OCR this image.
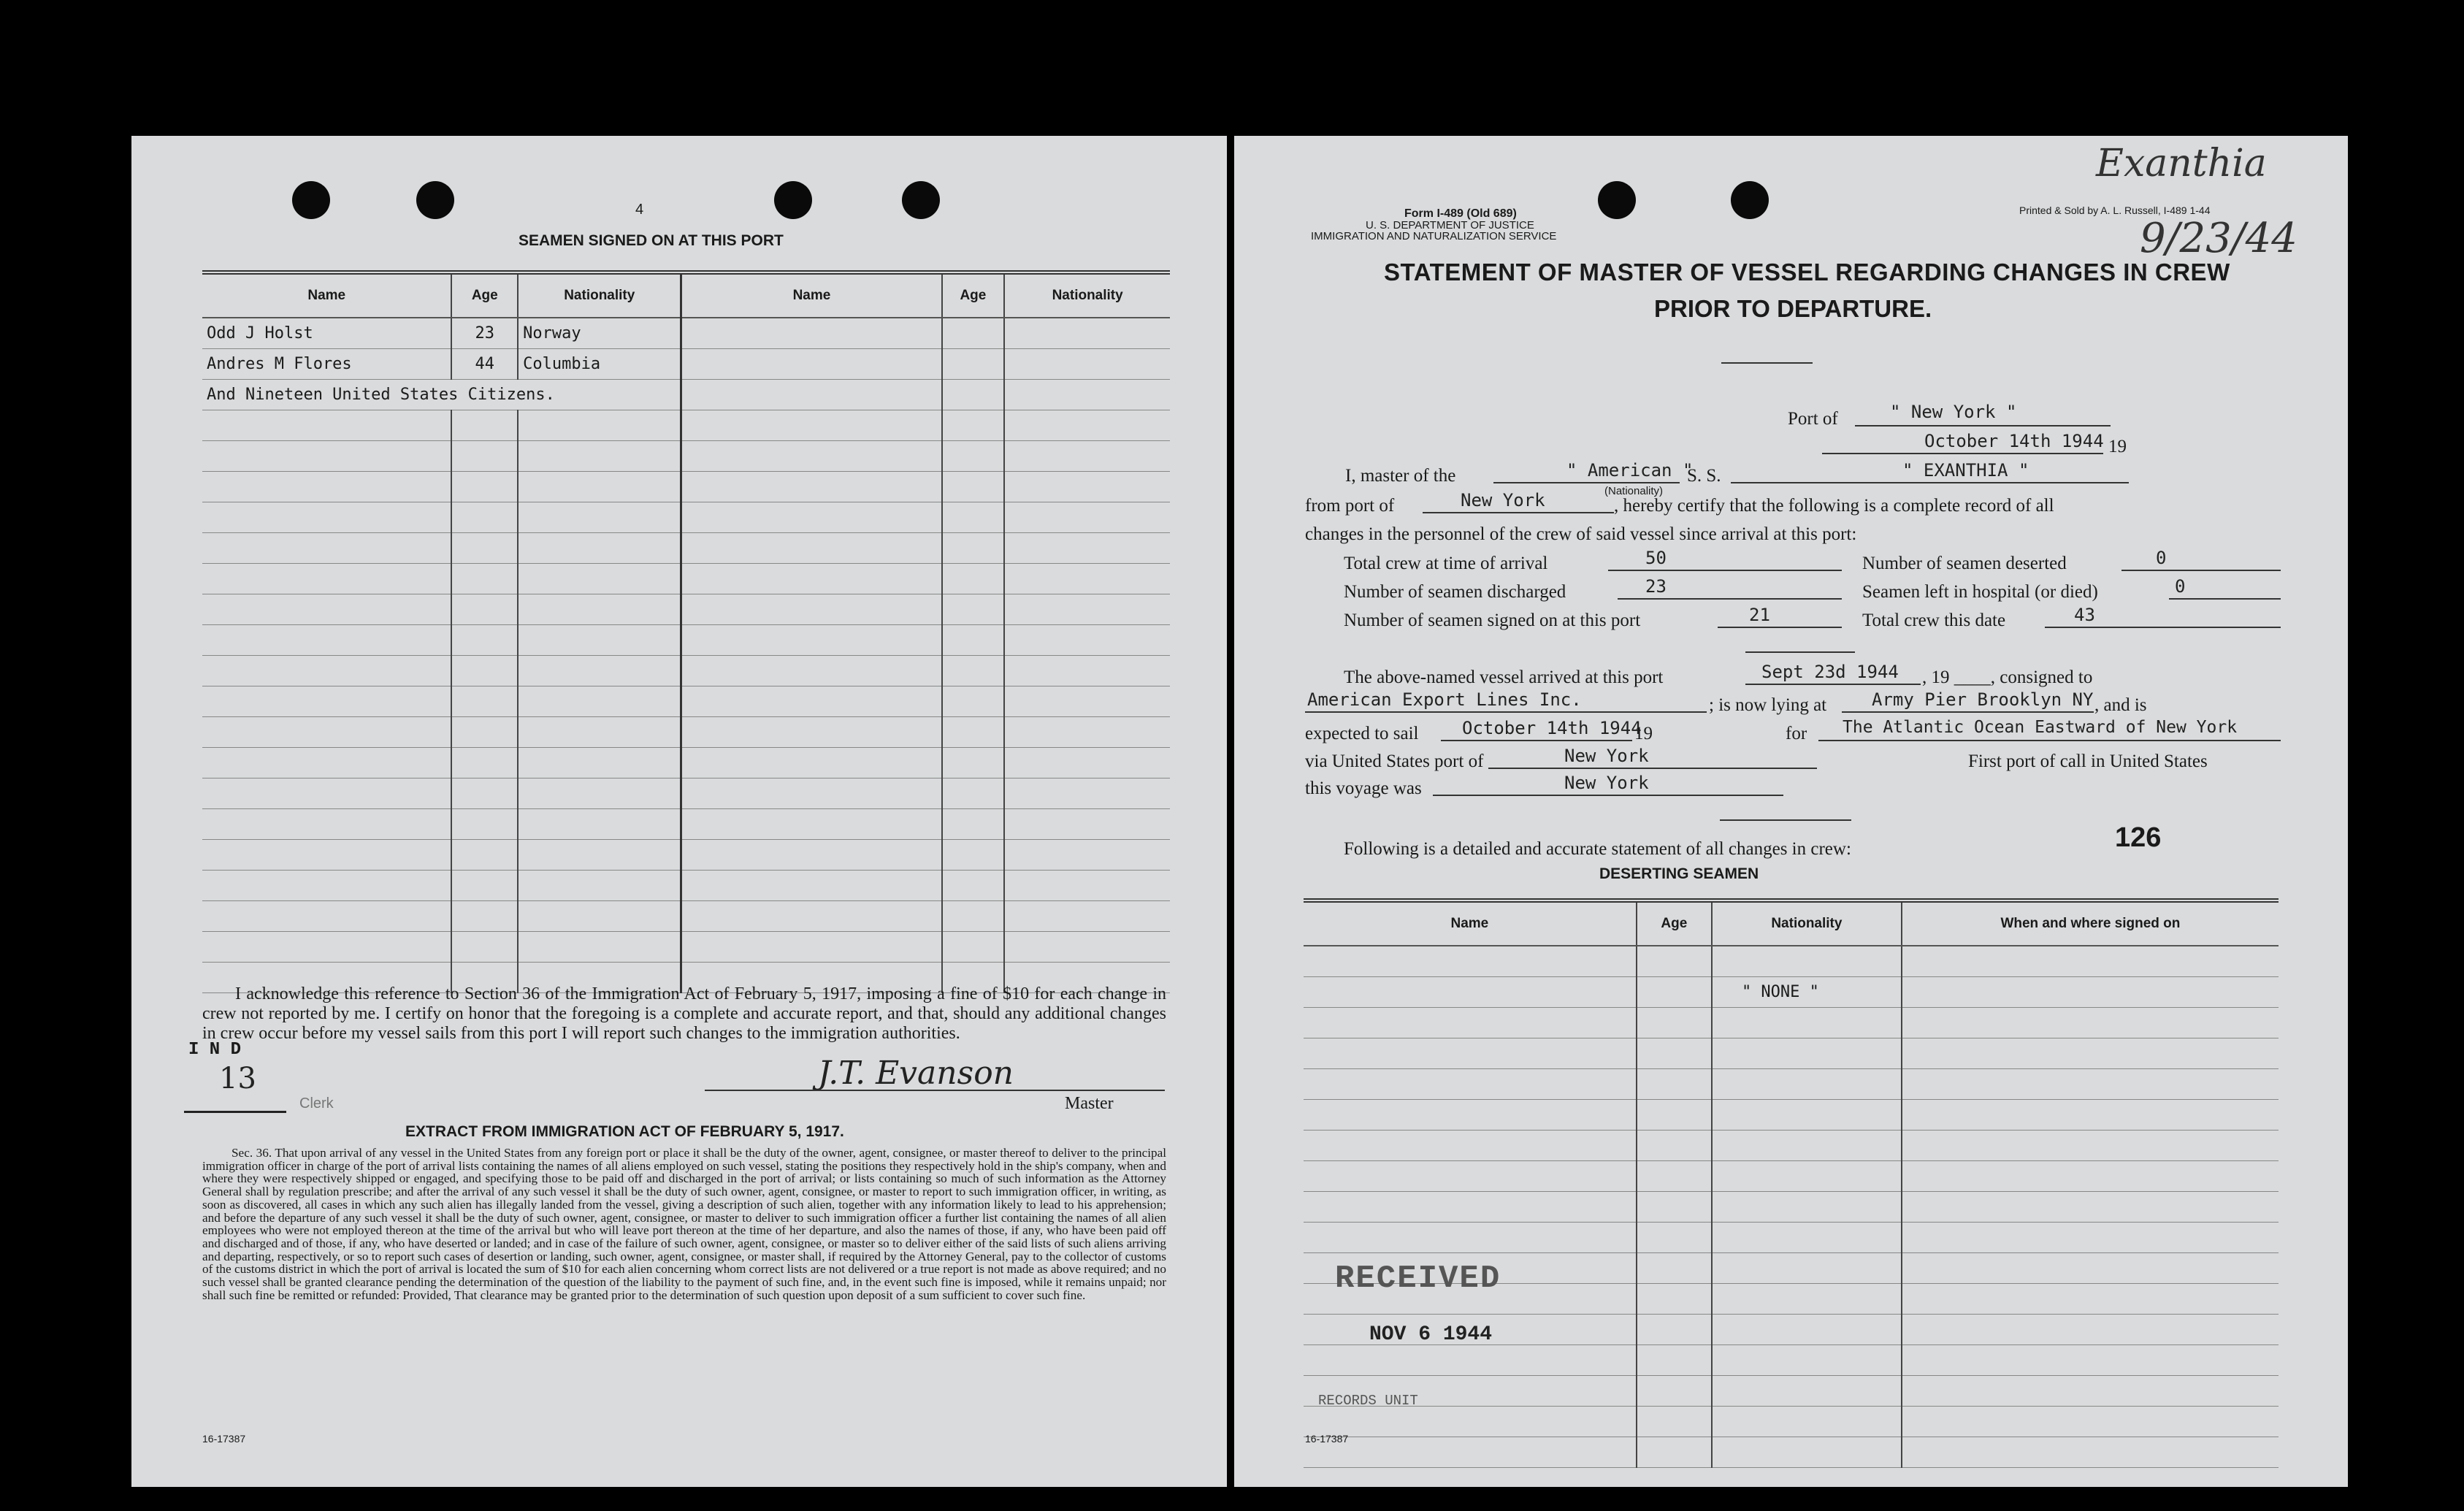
4
SEAMEN SIGNED ON AT THIS PORT
Name	Age	Nationality	Name	Age	Nationality
Odd J Holst	23	Norway			
Andres M Flores	44	Columbia			
And Nineteen United States Citizens.					

I acknowledge this reference to Section 36 of the Immigration Act of February 5, 1917, imposing a fine of $10 for each change in crew not reported by me. I certify on honor that the foregoing is a complete and accurate report, and that, should any additional changes in crew occur before my vessel sails from this port I will report such changes to the immigration authorities.
I N D
13
Clerk
J.T. Evanson
Master
EXTRACT FROM IMMIGRATION ACT OF FEBRUARY 5, 1917.
Sec. 36. That upon arrival of any vessel in the United States from any foreign port or place it shall be the duty of the owner, agent, consignee, or master thereof to deliver to the principal immigration officer in charge of the port of arrival lists containing the names of all aliens employed on such vessel, stating the positions they respectively hold in the ship's company, when and where they were respectively shipped or engaged, and specifying those to be paid off and discharged in the port of arrival; or lists containing so much of such information as the Attorney General shall by regulation prescribe; and after the arrival of any such vessel it shall be the duty of such owner, agent, consignee, or master to report to such immigration officer, in writing, as soon as discovered, all cases in which any such alien has illegally landed from the vessel, giving a description of such alien, together with any information likely to lead to his apprehension; and before the departure of any such vessel it shall be the duty of such owner, agent, consignee, or master to deliver to such immigration officer a further list containing the names of all alien employees who were not employed thereon at the time of the arrival but who will leave port thereon at the time of her departure, and also the names of those, if any, who have been paid off and discharged and of those, if any, who have deserted or landed; and in case of the failure of such owner, agent, consignee, or master so to deliver either of the said lists of such aliens arriving and departing, respectively, or so to report such cases of desertion or landing, such owner, agent, consignee, or master shall, if required by the Attorney General, pay to the collector of customs of the customs district in which the port of arrival is located the sum of $10 for each alien concerning whom correct lists are not delivered or a true report is not made as above required; and no such vessel shall be granted clearance pending the determination of the question of the liability to the payment of such fine, and, in the event such fine is imposed, while it remains unpaid; nor shall such fine be remitted or refunded: Provided, That clearance may be granted prior to the determination of such question upon deposit of a sum sufficient to cover such fine.
16-17387
Form I-489 (Old 689)
U. S. DEPARTMENT OF JUSTICE
IMMIGRATION AND NATURALIZATION SERVICE
Printed & Sold by A. L. Russell, I-489 1-44
Exanthia
9/23/44
STATEMENT OF MASTER OF VESSEL REGARDING CHANGES IN CREW
PRIOR TO DEPARTURE.
Port of	" New York "
October 14th 1944 19
I, master of the	" American "
(Nationality)
S. S.	" EXANTHIA "
from port of	New York	, hereby certify that the following is a complete record of all
changes in the personnel of the crew of said vessel since arrival at this port:
Total crew at time of arrival	50	Number of seamen deserted	0
Number of seamen discharged	23	Seamen left in hospital (or died)	0
Number of seamen signed on at this port	21	Total crew this date	43
The above-named vessel arrived at this port	Sept 23d 1944 , 19 ____, consigned to
American Export Lines Inc.	; is now lying at	Army Pier Brooklyn NY , and is
expected to sail October 14th 1944
19	for The Atlantic Ocean Eastward of New York
via United States port of	New York	First port of call in United States
this voyage was	New York
126
Following is a detailed and accurate statement of all changes in crew:
DESERTING SEAMEN
Name	Age	Nationality	When and where signed on

		" NONE "	

RECEIVED
NOV 6 1944
RECORDS UNIT
16-17387
